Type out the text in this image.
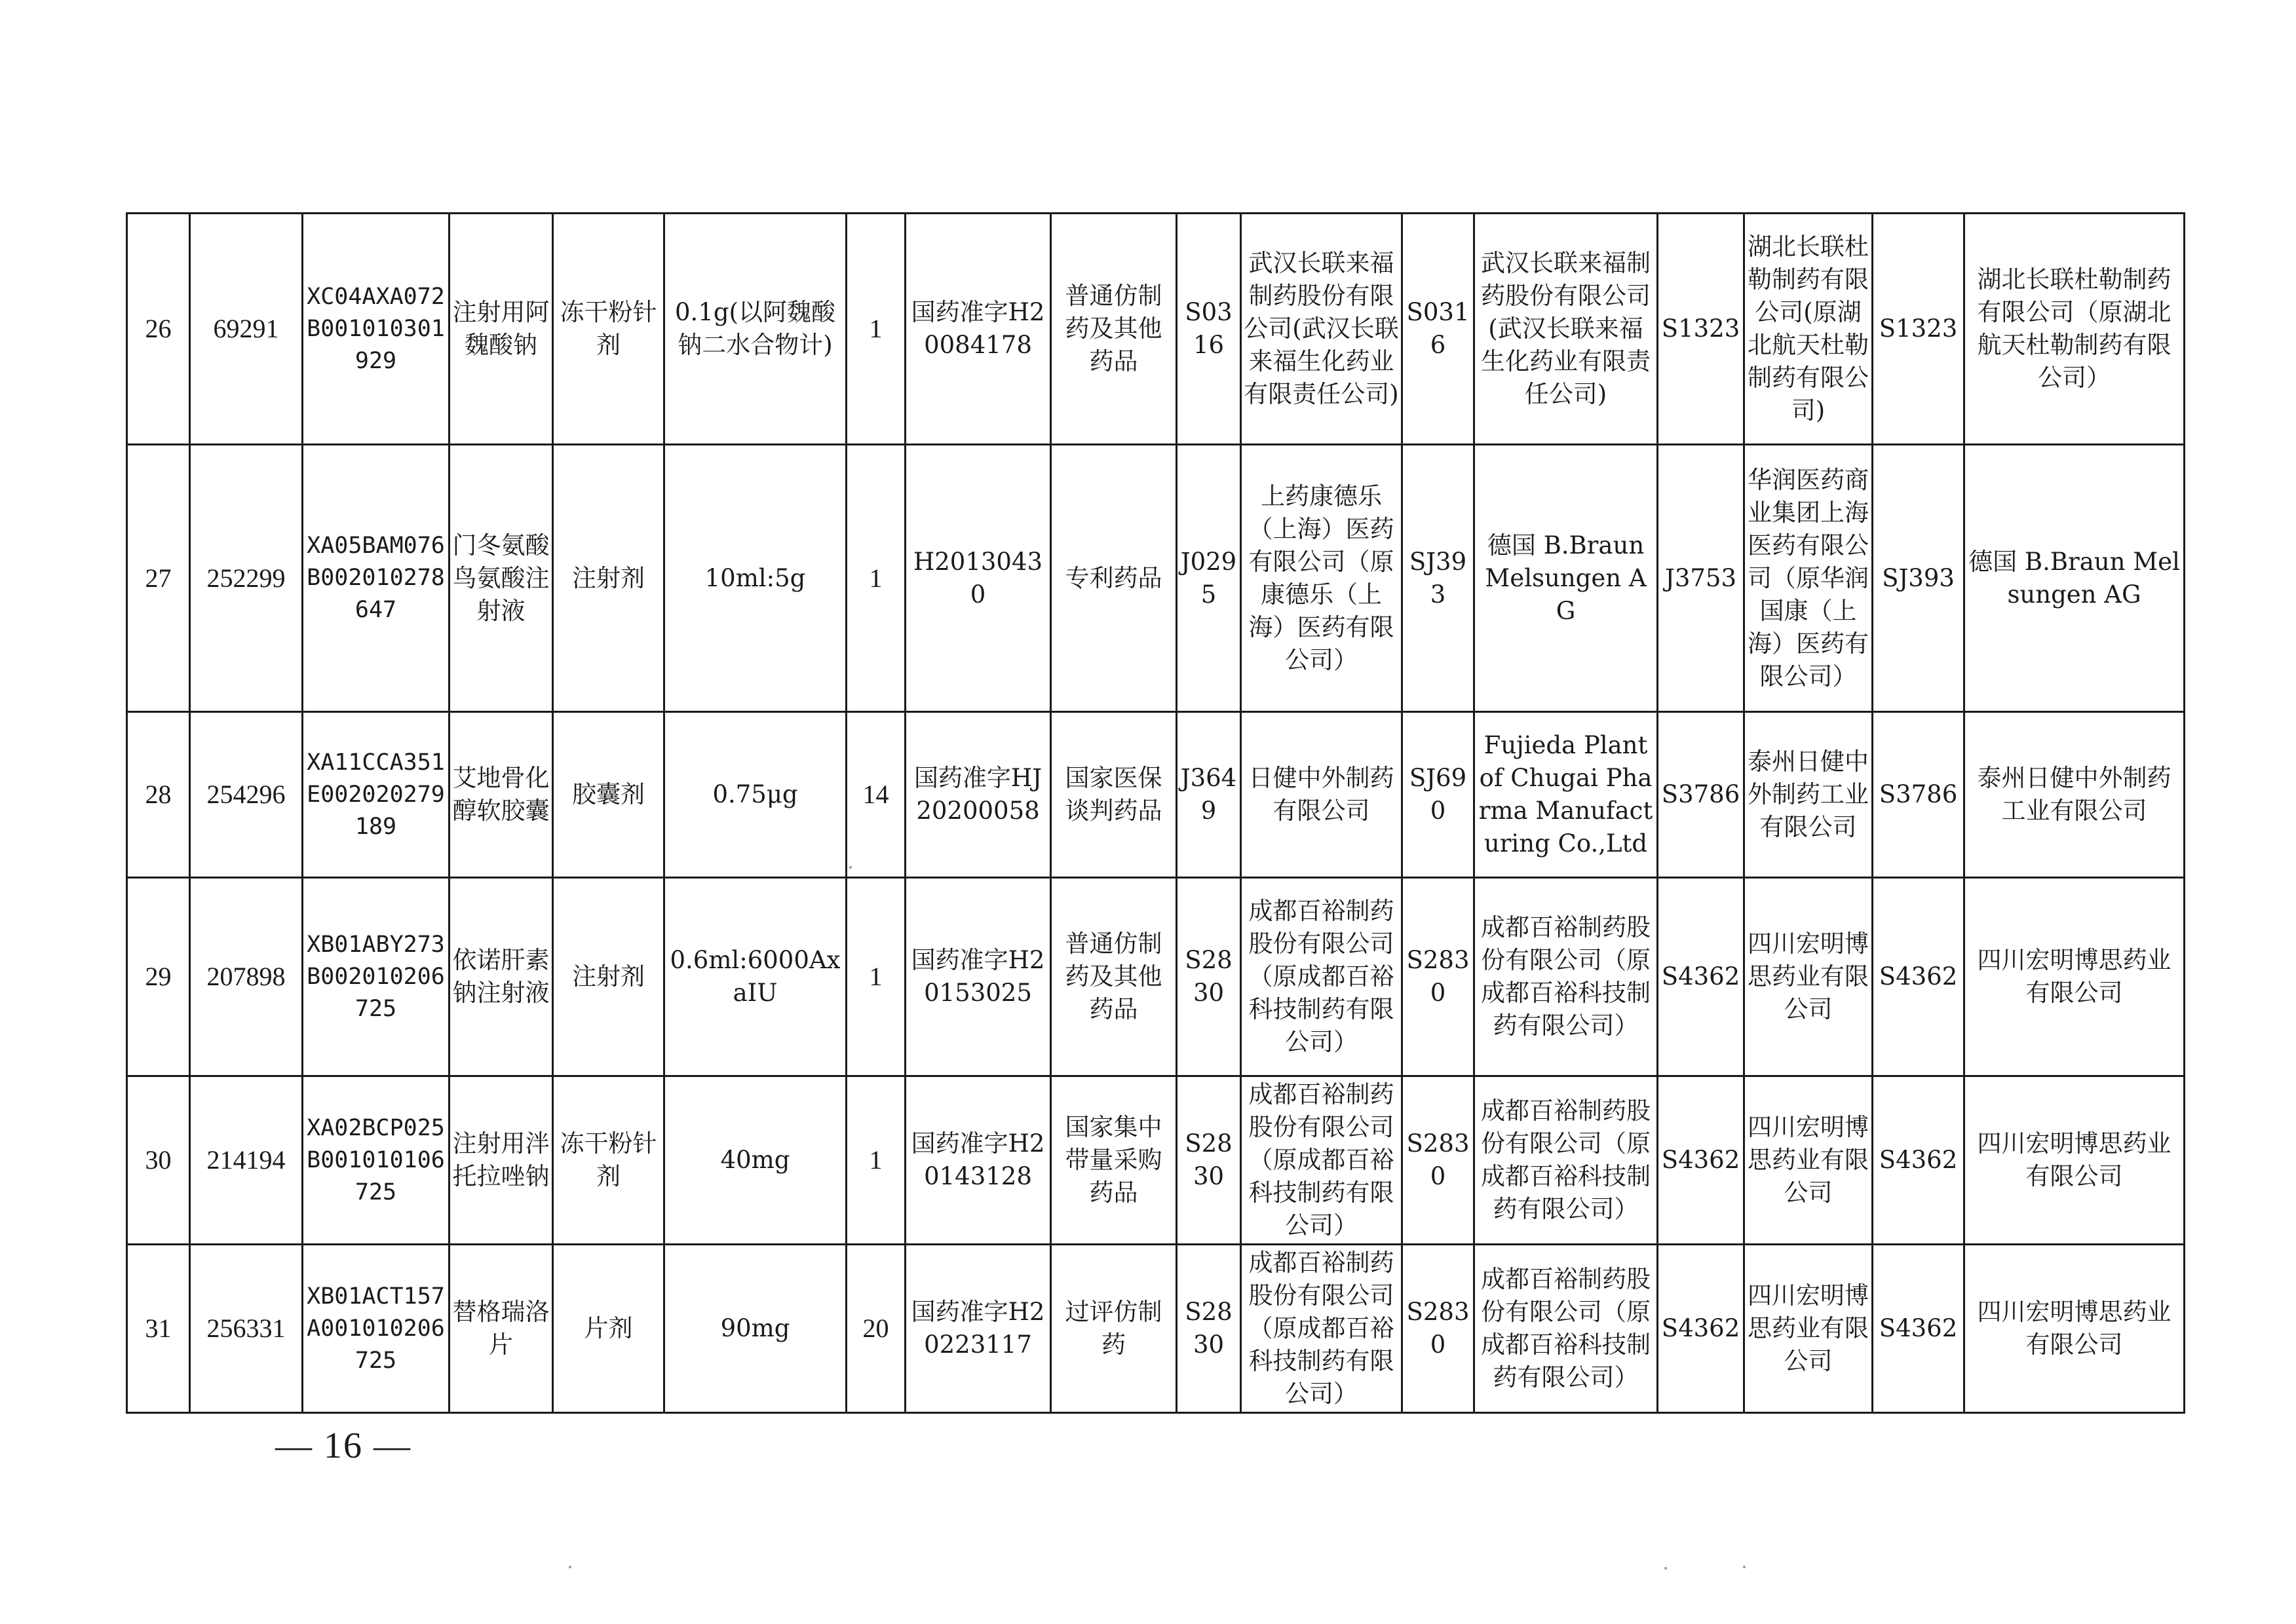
26	69291	XC04AXA072B001010301929	注射用阿魏酸钠	冻干粉针剂	0.1g(以阿魏酸钠二水合物计)	1	国药准字H20084178	普通仿制药及其他药品	S0316	武汉长联来福制药股份有限公司(武汉长联来福生化药业有限责任公司)	S0316	武汉长联来福制药股份有限公司(武汉长联来福生化药业有限责任公司)	S1323	湖北长联杜勒制药有限公司(原湖北航天杜勒制药有限公司)	S1323	湖北长联杜勒制药有限公司（原湖北航天杜勒制药有限公司）
27	252299	XA05BAM076B002010278647	门冬氨酸鸟氨酸注射液	注射剂	10ml:5g	1	H20130430	专利药品	J0295	上药康德乐（上海）医药有限公司（原康德乐（上海）医药有限公司）	SJ393	德国 B.Braun Melsungen AG	J3753	华润医药商业集团上海医药有限公司（原华润国康（上海）医药有限公司）	SJ393	德国 B.Braun Melsungen AG
28	254296	XA11CCA351E002020279189	艾地骨化醇软胶囊	胶囊剂	0.75μg	14	国药准字HJ20200058	国家医保谈判药品	J3649	日健中外制药有限公司	SJ690	Fujieda Plant of Chugai Pharma Manufacturing Co.,Ltd	S3786	泰州日健中外制药工业有限公司	S3786	泰州日健中外制药工业有限公司
29	207898	XB01ABY273B002010206725	依诺肝素钠注射液	注射剂	0.6ml:6000AxaIU	1	国药准字H20153025	普通仿制药及其他药品	S2830	成都百裕制药股份有限公司（原成都百裕科技制药有限公司）	S2830	成都百裕制药股份有限公司（原成都百裕科技制药有限公司）	S4362	四川宏明博思药业有限公司	S4362	四川宏明博思药业有限公司
30	214194	XA02BCP025B001010106725	注射用泮托拉唑钠	冻干粉针剂	40mg	1	国药准字H20143128	国家集中带量采购药品	S2830	成都百裕制药股份有限公司（原成都百裕科技制药有限公司）	S2830	成都百裕制药股份有限公司（原成都百裕科技制药有限公司）	S4362	四川宏明博思药业有限公司	S4362	四川宏明博思药业有限公司
31	256331	XB01ACT157A001010206725	替格瑞洛片	片剂	90mg	20	国药准字H20223117	过评仿制药	S2830	成都百裕制药股份有限公司（原成都百裕科技制药有限公司）	S2830	成都百裕制药股份有限公司（原成都百裕科技制药有限公司）	S4362	四川宏明博思药业有限公司	S4362	四川宏明博思药业有限公司
— 16 —
